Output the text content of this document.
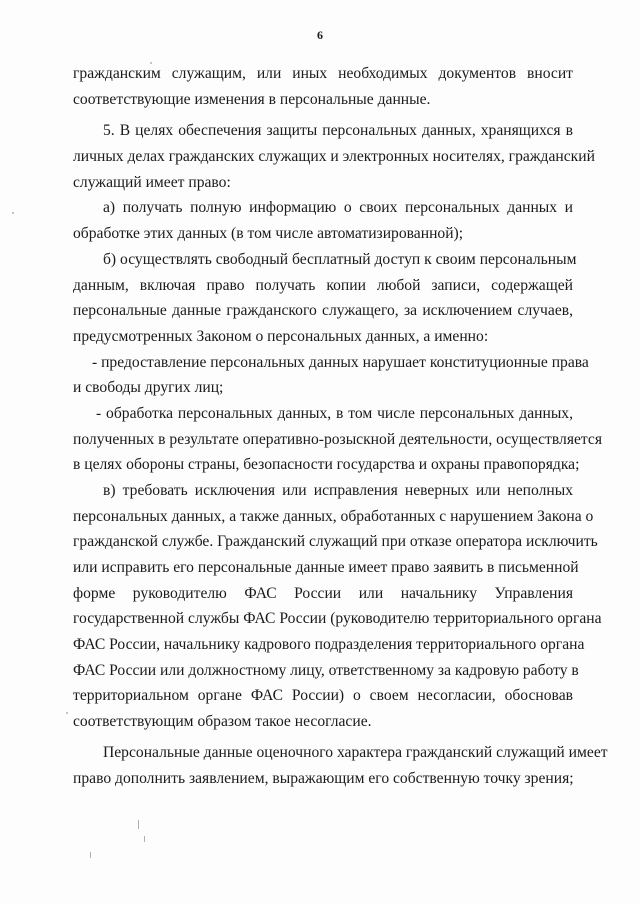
6
гражданским служащим, или иных необходимых документов вносит
соответствующие изменения в персональные данные.
5. В целях обеспечения защиты персональных данных, хранящихся в
личных делах гражданских служащих и электронных носителях, гражданский
служащий имеет право:
а) получать полную информацию о своих персональных данных и
обработке этих данных (в том числе автоматизированной);
б) осуществлять свободный бесплатный доступ к своим персональным
данным, включая право получать копии любой записи, содержащей
персональные данные гражданского служащего, за исключением случаев,
предусмотренных Законом о персональных данных, а именно:
- предоставление персональных данных нарушает конституционные права
и свободы других лиц;
- обработка персональных данных, в том числе персональных данных,
полученных в результате оперативно-розыскной деятельности, осуществляется
в целях обороны страны, безопасности государства и охраны правопорядка;
в) требовать исключения или исправления неверных или неполных
персональных данных, а также данных, обработанных с нарушением Закона о
гражданской службе. Гражданский служащий при отказе оператора исключить
или исправить его персональные данные имеет право заявить в письменной
форме руководителю ФАС России или начальнику Управления
государственной службы ФАС России (руководителю территориального органа
ФАС России, начальнику кадрового подразделения территориального органа
ФАС России или должностному лицу, ответственному за кадровую работу в
территориальном органе ФАС России) о своем несогласии, обосновав
соответствующим образом такое несогласие.
Персональные данные оценочного характера гражданский служащий имеет
право дополнить заявлением, выражающим его собственную точку зрения;
